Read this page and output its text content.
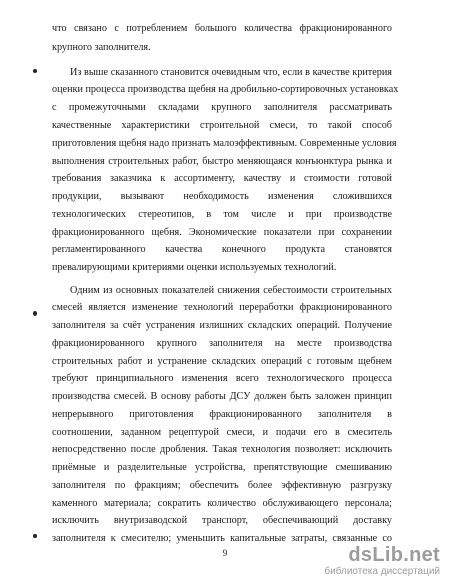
что связано с потреблением большого количества фракционированного
крупного заполнителя.
Из выше сказанного становится очевидным что, если в качестве критерия
оценки процесса производства щебня на дробильно-сортировочных установках
с промежуточными складами крупного заполнителя рассматривать
качественные характеристики строительной смеси, то такой способ
приготовления щебня надо признать малоэффективным. Современные условия
выполнения строительных работ, быстро меняющаяся конъюнктура рынка и
требования заказчика к ассортименту, качеству и стоимости готовой
продукции, вызывают необходимость изменения сложившихся
технологических стереотипов, в том числе и при производстве
фракционированного щебня. Экономические показатели при сохранении
регламентированного качества конечного продукта становятся
превалирующими критериями оценки используемых технологий.
Одним из основных показателей снижения себестоимости строительных
смесей является изменение технологий переработки фракционированного
заполнителя за счёт устранения излишних складских операций. Получение
фракционированного крупного заполнителя на месте производства
строительных работ и устранение складских операций с готовым щебнем
требуют принципиального изменения всего технологического процесса
производства смесей. В основу работы ДСУ должен быть заложен принцип
непрерывного приготовления фракционированного заполнителя в
соотношении, заданном рецептурой смеси, и подачи его в смеситель
непосредственно после дробления. Такая технология позволяет: исключить
приёмные и разделительные устройства, препятствующие смешиванию
заполнителя по фракциям; обеспечить более эффективную разгрузку
каменного материала; сократить количество обслуживающего персонала;
исключить внутризаводской транспорт, обеспечивающий доставку
заполнителя к смесителю; уменьшить капитальные затраты, связанные со
9	dsLib.net
библиотека диссертаций
